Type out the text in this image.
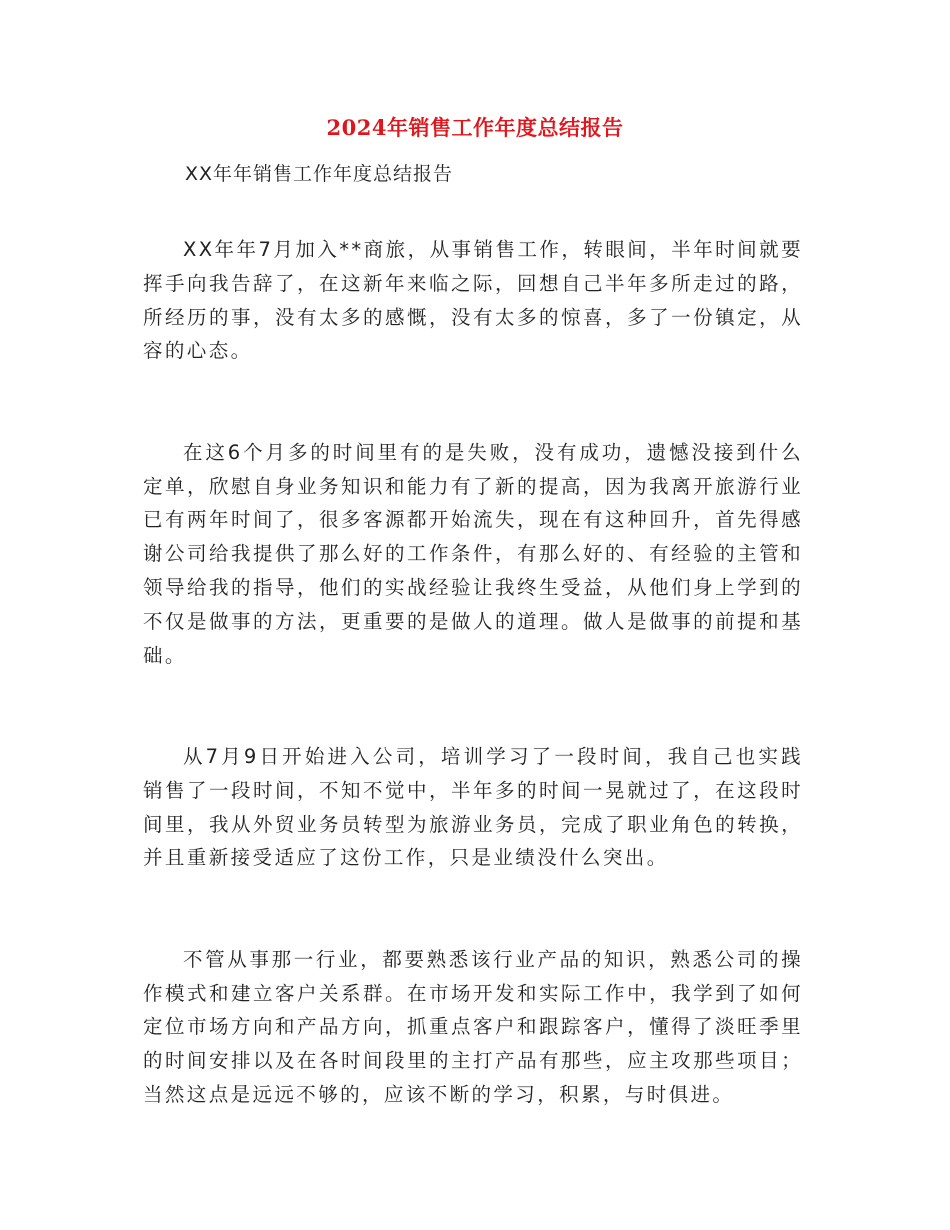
2024年销售工作年度总结报告
XX年年销售工作年度总结报告

XX年年7月加入**商旅，从事销售工作，转眼间，半年时间就要挥手向我告辞了，在这新年来临之际，回想自己半年多所走过的路，所经历的事，没有太多的感慨，没有太多的惊喜，多了一份镇定，从容的心态。

在这6个月多的时间里有的是失败，没有成功，遗憾没接到什么定单，欣慰自身业务知识和能力有了新的提高，因为我离开旅游行业已有两年时间了，很多客源都开始流失，现在有这种回升，首先得感谢公司给我提供了那么好的工作条件，有那么好的、有经验的主管和领导给我的指导，他们的实战经验让我终生受益，从他们身上学到的不仅是做事的方法，更重要的是做人的道理。做人是做事的前提和基础。

从7月9日开始进入公司，培训学习了一段时间，我自己也实践销售了一段时间，不知不觉中，半年多的时间一晃就过了，在这段时间里，我从外贸业务员转型为旅游业务员，完成了职业角色的转换，并且重新接受适应了这份工作，只是业绩没什么突出。

不管从事那一行业，都要熟悉该行业产品的知识，熟悉公司的操作模式和建立客户关系群。在市场开发和实际工作中，我学到了如何定位市场方向和产品方向，抓重点客户和跟踪客户，懂得了淡旺季里的时间安排以及在各时间段里的主打产品有那些，应主攻那些项目；当然这点是远远不够的，应该不断的学习，积累，与时俱进。
